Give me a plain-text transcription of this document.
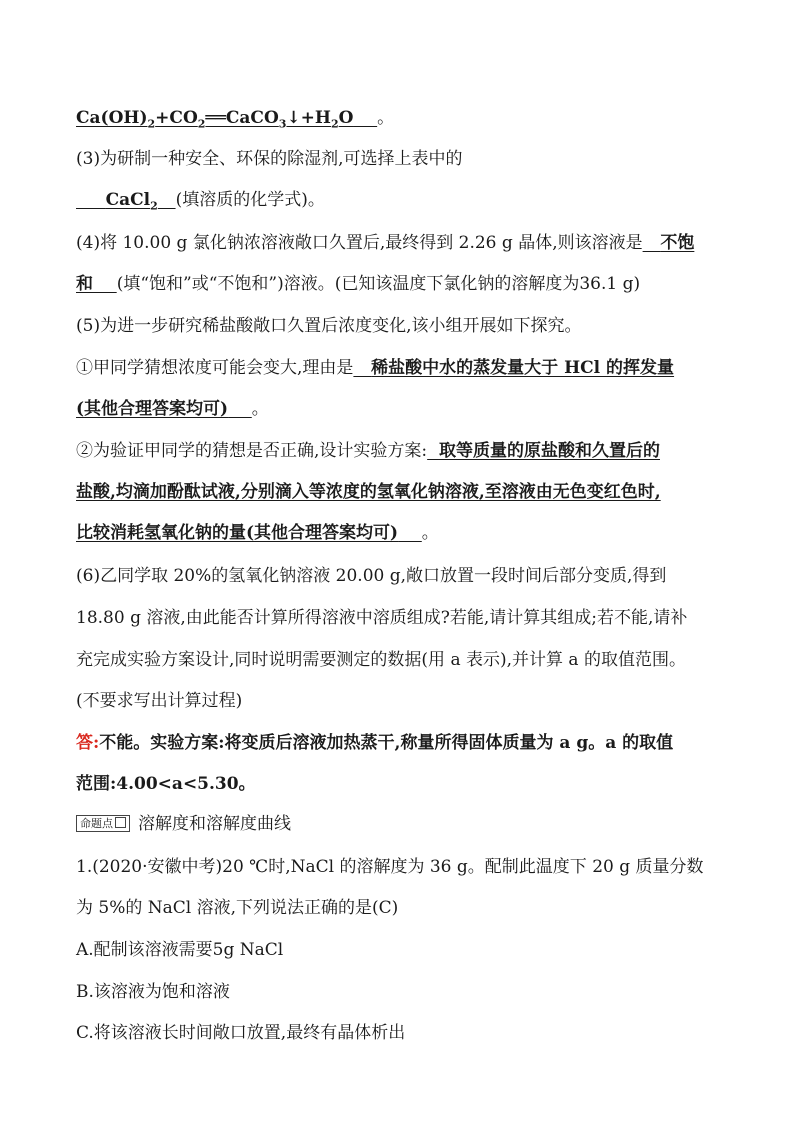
$Ca(OH)_2+CO_2══CaCO_3↓+H_2O$ 。
(3)为研制一种安全、环保的除湿剂,可选择上表中的
CaCl$_2$ (填溶质的化学式)。
(4)将 10.00 g 氯化钠浓溶液敞口久置后,最终得到 2.26 g 晶体,则该溶液是 不饱
和 (填“饱和”或“不饱和”)溶液。(已知该温度下氯化钠的溶解度为36.1 g)
(5)为进一步研究稀盐酸敞口久置后浓度变化,该小组开展如下探究。
①甲同学猜想浓度可能会变大,理由是 稀盐酸中水的蒸发量大于 HCl 的挥发量
(其他合理答案均可) 。
②为验证甲同学的猜想是否正确,设计实验方案: 取等质量的原盐酸和久置后的
盐酸,均滴加酚酞试液,分别滴入等浓度的氢氧化钠溶液,至溶液由无色变红色时,
比较消耗氢氧化钠的量(其他合理答案均可) 。
(6)乙同学取 20%的氢氧化钠溶液 20.00 g,敞口放置一段时间后部分变质,得到
18.80 g 溶液,由此能否计算所得溶液中溶质组成?若能,请计算其组成;若不能,请补
充完成实验方案设计,同时说明需要测定的数据(用 a 表示),并计算 a 的取值范围。
(不要求写出计算过程)
答:不能。实验方案:将变质后溶液加热蒸干,称量所得固体质量为 a g。a 的取值
范围:4.00<a<5.30。
命题点 溶解度和溶解度曲线
1.(2020·安徽中考)20 ℃时,NaCl 的溶解度为 36 g。配制此温度下 20 g 质量分数
为 5%的 NaCl 溶液,下列说法正确的是(C)
A.配制该溶液需要5g NaCl
B.该溶液为饱和溶液
C.将该溶液长时间敞口放置,最终有晶体析出
